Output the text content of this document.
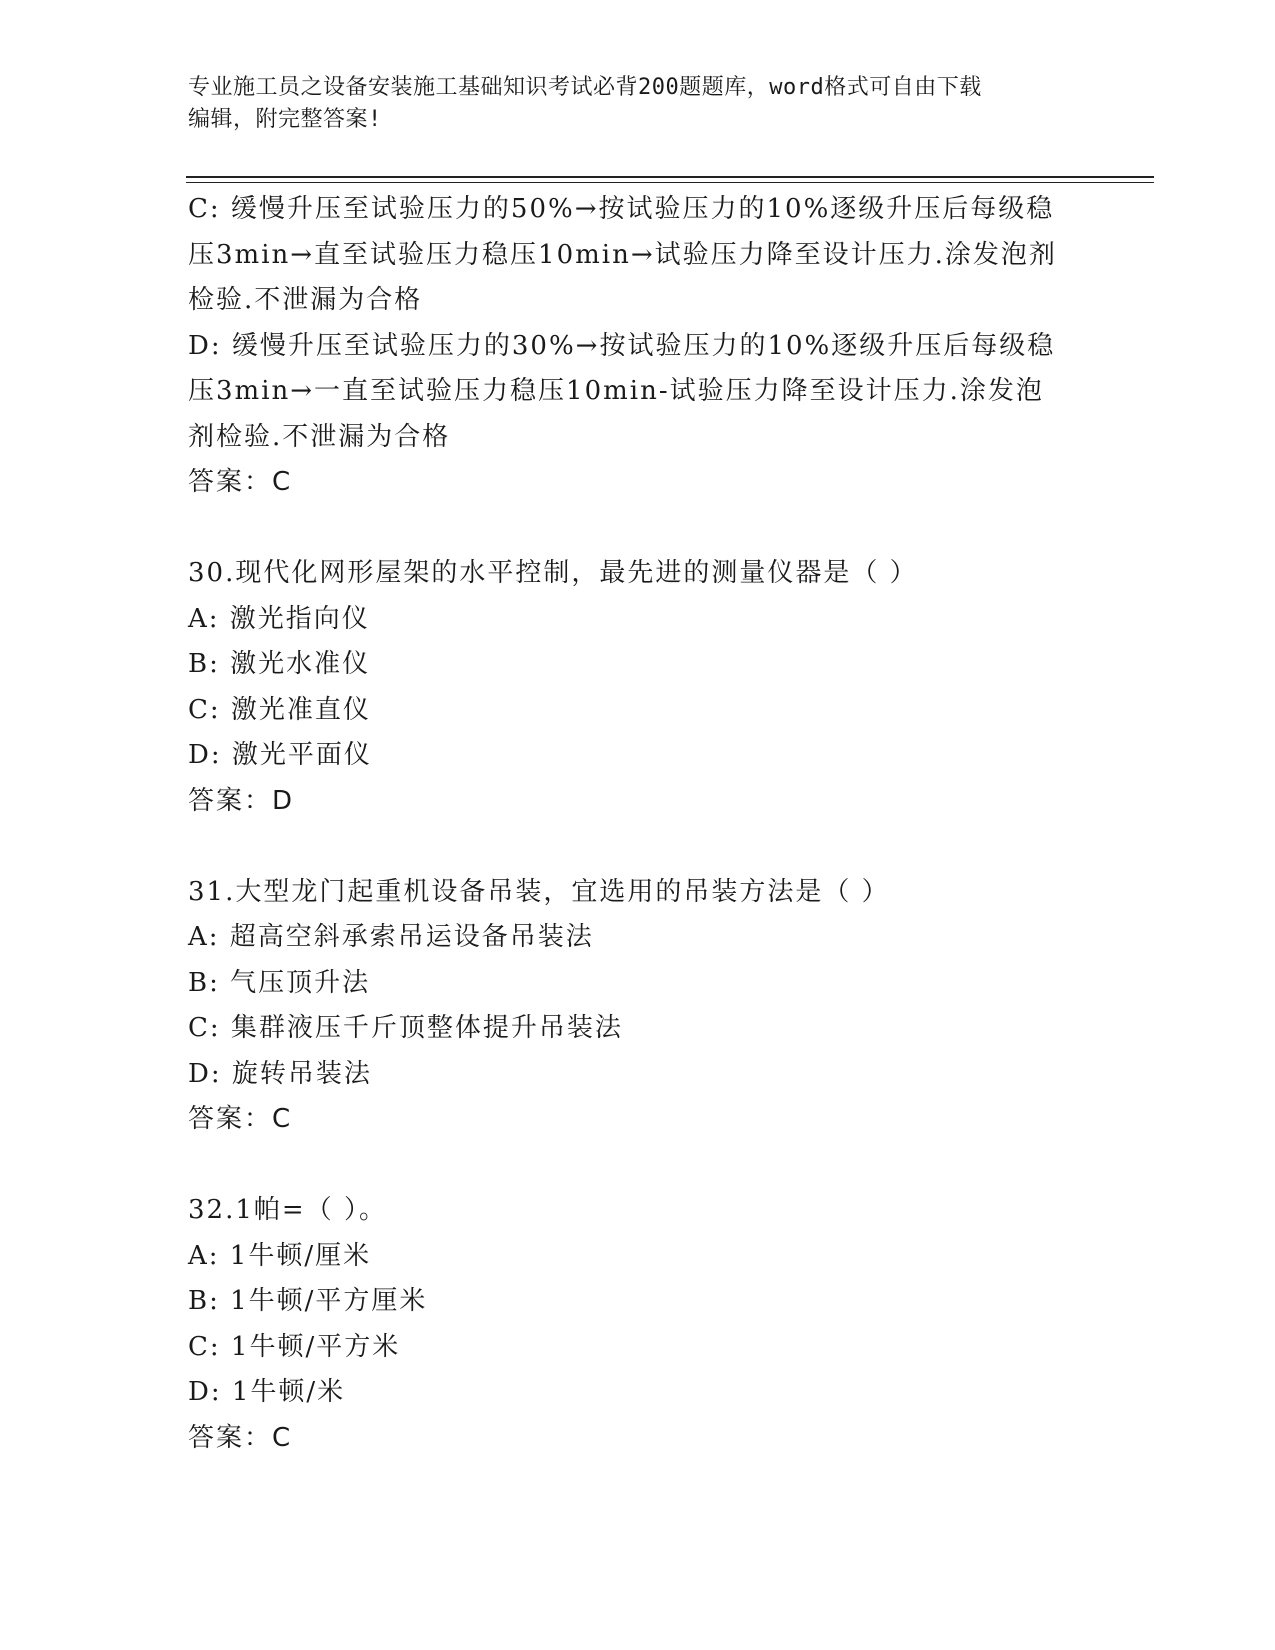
专业施工员之设备安装施工基础知识考试必背200题题库，word格式可自由下载
编辑，附完整答案!
C: 缓慢升压至试验压力的50%→按试验压力的10%逐级升压后每级稳
压3min→直至试验压力稳压10min→试验压力降至设计压力.涂发泡剂
检验.不泄漏为合格
D: 缓慢升压至试验压力的30%→按试验压力的10%逐级升压后每级稳
压3min→一直至试验压力稳压10min-试验压力降至设计压力.涂发泡
剂检验.不泄漏为合格
答案：C
30.现代化网形屋架的水平控制，最先进的测量仪器是（ ）
A: 激光指向仪
B: 激光水准仪
C: 激光准直仪
D: 激光平面仪
答案：D
31.大型龙门起重机设备吊装，宜选用的吊装方法是（ ）
A: 超高空斜承索吊运设备吊装法
B: 气压顶升法
C: 集群液压千斤顶整体提升吊装法
D: 旋转吊装法
答案：C
32.1帕=（ ）。
A: 1牛顿/厘米
B: 1牛顿/平方厘米
C: 1牛顿/平方米
D: 1牛顿/米
答案：C
